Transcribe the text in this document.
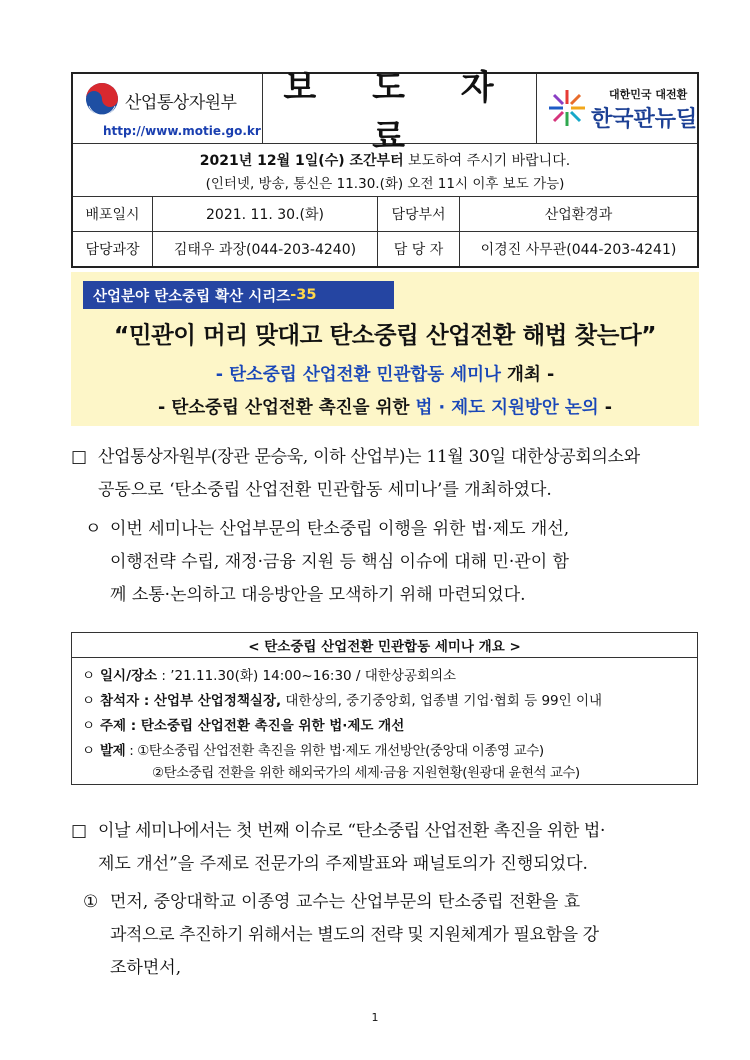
산업통상자원부
http://www.motie.go.kr
보 도 자 료
대한민국 대전환
한국판뉴딜
2021년 12월 1일(수) 조간부터 보도하여 주시기 바랍니다.
(인터넷, 방송, 통신은 11.30.(화) 오전 11시 이후 보도 가능)
배포일시	2021. 11. 30.(화)	담당부서	산업환경과
담당과장	김태우 과장(044-203-4240)	담 당 자	이경진 사무관(044-203-4241)
산업분야 탄소중립 확산 시리즈 -35
“민관이 머리 맞대고 탄소중립 산업전환 해법 찾는다”
- 탄소중립 산업전환 민관합동 세미나 개최 -
- 탄소중립 산업전환 촉진을 위한 법 · 제도 지원방안 논의 -
□ 산업통상자원부(장관 문승욱, 이하 산업부)는 11월 30일 대한상공회의소와
공동으로 ‘탄소중립 산업전환 민관합동 세미나’를 개최하였다.
ㅇ 이번 세미나는 산업부문의 탄소중립 이행을 위한 법·제도 개선,
이행전략 수립, 재정·금융 지원 등 핵심 이슈에 대해 민·관이 함
께 소통·논의하고 대응방안을 모색하기 위해 마련되었다.
< 탄소중립 산업전환 민관합동 세미나 개요 >
ㅇ 일시/장소 : ’21.11.30(화) 14:00~16:30 / 대한상공회의소
ㅇ 참석자 : 산업부 산업정책실장, 대한상의, 중기중앙회, 업종별 기업·협회 등 99인 이내
ㅇ 주제 : 탄소중립 산업전환 촉진을 위한 법·제도 개선
ㅇ 발제 : ①탄소중립 산업전환 촉진을 위한 법·제도 개선방안(중앙대 이종영 교수)
②탄소중립 전환을 위한 해외국가의 세제·금융 지원현황(원광대 윤현석 교수)
□ 이날 세미나에서는 첫 번째 이슈로 “탄소중립 산업전환 촉진을 위한 법·
제도 개선”을 주제로 전문가의 주제발표와 패널토의가 진행되었다.
① 먼저, 중앙대학교 이종영 교수는 산업부문의 탄소중립 전환을 효
과적으로 추진하기 위해서는 별도의 전략 및 지원체계가 필요함을 강
조하면서,
1
